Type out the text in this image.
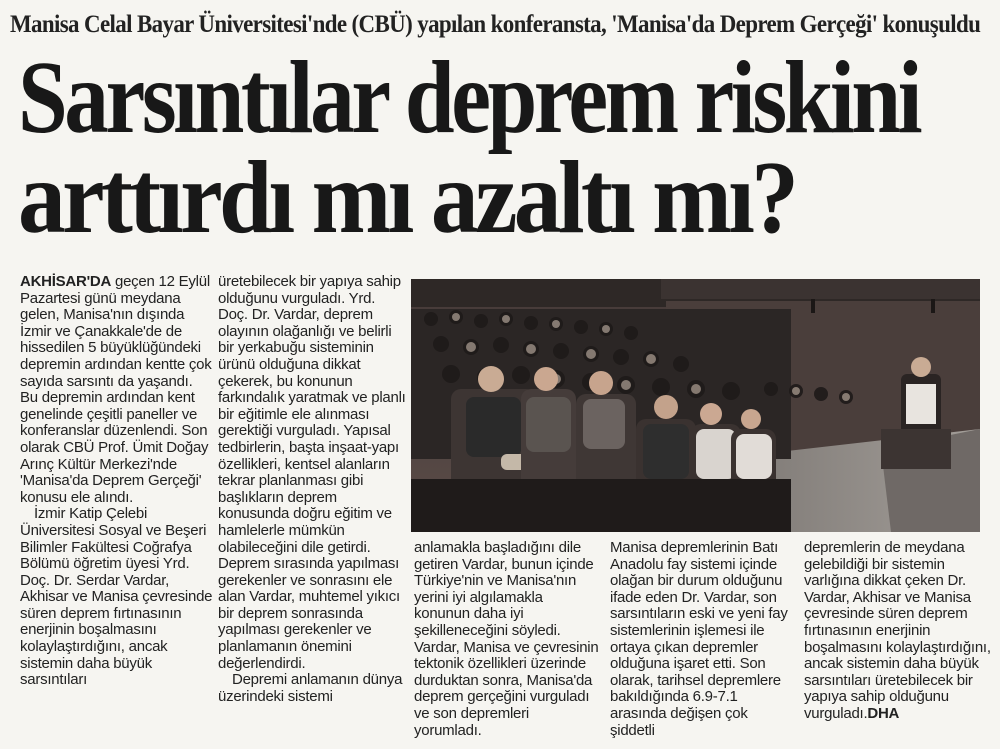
Manisa Celal Bayar Üniversitesi'nde (CBÜ) yapılan konferansta, 'Manisa'da Deprem Gerçeği' konuşuldu
Sarsıntılar deprem riskini
arttırdı mı azaltı mı?

AKHİSAR'DA geçen 12 Eylül Pazartesi günü meydana gelen, Manisa'nın dışında İzmir ve Çanakkale'de de hissedilen 5 büyüklüğündeki depremin ardından kentte çok sayıda sarsıntı da yaşandı. Bu depremin ardından kent genelinde çeşitli paneller ve konferanslar düzenlendi. Son olarak CBÜ Prof. Ümit Doğay Arınç Kültür Merkezi'nde 'Manisa'da Deprem Gerçeği' konusu ele alındı.

İzmir Katip Çelebi Üniversitesi Sosyal ve Beşeri Bilimler Fakültesi Coğrafya Bölümü öğretim üyesi Yrd. Doç. Dr. Serdar Vardar, Akhisar ve Manisa çevresinde süren deprem fırtınasının enerjinin boşalmasını kolaylaştırdığını, ancak sistemin daha büyük sarsıntıları

üretebilecek bir yapıya sahip olduğunu vurguladı. Yrd. Doç. Dr. Vardar, deprem olayının olağanlığı ve belirli bir yerkabuğu sisteminin ürünü olduğuna dikkat çekerek, bu konunun farkındalık yaratmak ve planlı bir eğitimle ele alınması gerektiği vurguladı. Yapısal tedbirlerin, başta inşaat-yapı özellikleri, kentsel alanların tekrar planlanması gibi başlıkların deprem konusunda doğru eğitim ve hamlelerle mümkün olabileceğini dile getirdi. Deprem sırasında yapılması gerekenler ve sonrasını ele alan Vardar, muhtemel yıkıcı bir deprem sonrasında yapılması gerekenler ve planlamanın önemini değerlendirdi.

Depremi anlamanın dünya üzerindeki sistemi

anlamakla başladığını dile getiren Vardar, bunun içinde Türkiye'nin ve Manisa'nın yerini iyi algılamakla konunun daha iyi şekilleneceğini söyledi. Vardar, Manisa ve çevresinin tektonik özellikleri üzerinde durduktan sonra, Manisa'da deprem gerçeğini vurguladı ve son depremleri yorumladı.

Manisa depremlerinin Batı Anadolu fay sistemi içinde olağan bir durum olduğunu ifade eden Dr. Vardar, son sarsıntıların eski ve yeni fay sistemlerinin işlemesi ile ortaya çıkan depremler olduğuna işaret etti. Son olarak, tarihsel depremlere bakıldığında 6.9-7.1 arasında değişen çok şiddetli

depremlerin de meydana gelebildiği bir sistemin varlığına dikkat çeken Dr. Vardar, Akhisar ve Manisa çevresinde süren deprem fırtınasının enerjinin boşalmasını kolaylaştırdığını, ancak sistemin daha büyük sarsıntıları üretebilecek bir yapıya sahip olduğunu vurguladı.DHA
